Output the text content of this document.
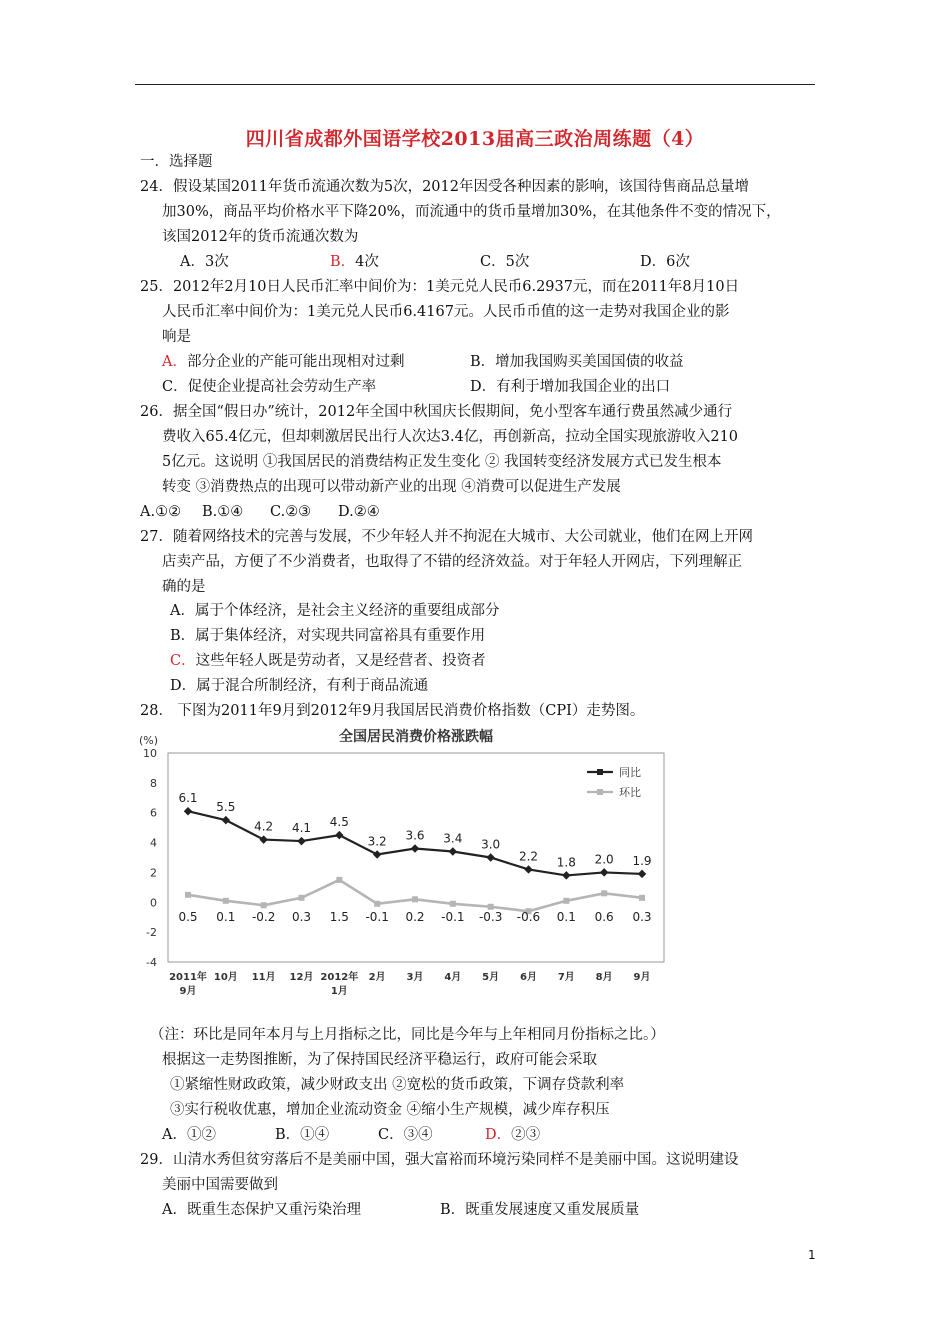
四川省成都外国语学校2013届高三政治周练题（4）
一．选择题
24．假设某国2011年货币流通次数为5次，2012年因受各种因素的影响，该国待售商品总量增
加30%，商品平均价格水平下降20%，而流通中的货币量增加30%，在其他条件不变的情况下，
该国2012年的货币流通次数为
A．3次	B．4次	C．5次	D．6次
25．2012年2月10日人民币汇率中间价为：1美元兑人民币6.2937元，而在2011年8月10日
人民币汇率中间价为：1美元兑人民币6.4167元。人民币币值的这一走势对我国企业的影
响是
A．部分企业的产能可能出现相对过剩	B．增加我国购买美国国债的收益
C．促使企业提高社会劳动生产率	D．有利于增加我国企业的出口
26．据全国“假日办”统计，2012年全国中秋国庆长假期间，免小型客车通行费虽然减少通行
费收入65.4亿元，但却刺激居民出行人次达3.4亿，再创新高，拉动全国实现旅游收入210
5亿元。这说明 ①我国居民的消费结构正发生变化 ② 我国转变经济发展方式已发生根本
转变 ③消费热点的出现可以带动新产业的出现 ④消费可以促进生产发展
A.①② B.①④ C.②③ D.②④
27．随着网络技术的完善与发展，不少年轻人并不拘泥在大城市、大公司就业，他们在网上开网
店卖产品，方便了不少消费者，也取得了不错的经济效益。对于年轻人开网店，下列理解正
确的是
A．属于个体经济，是社会主义经济的重要组成部分
B．属于集体经济，对实现共同富裕具有重要作用
C．这些年轻人既是劳动者，又是经营者、投资者
D．属于混合所制经济，有利于商品流通
28． 下图为2011年9月到2012年9月我国居民消费价格指数（CPI）走势图。
全国居民消费价格涨跌幅
(%)
10
8
6
4
2
0
-2
-4
2011年
9月
10月 11月 12月 2012年
1月
2月 3月 4月 5月 6月 7月 8月 9月
6.1
5.5
4.2 4.1 4.5
3.2 3.6 3.4 3.0
2.2 1.8 2.0 1.9
0.5 0.1 -0.2 0.3 1.5 -0.1 0.2 -0.1 -0.3 -0.6 0.1 0.6 0.3
同比
环比
（注：环比是同年本月与上月指标之比，同比是今年与上年相同月份指标之比。）
根据这一走势图推断，为了保持国民经济平稳运行，政府可能会采取
①紧缩性财政政策，减少财政支出 ②宽松的货币政策，下调存贷款利率
③实行税收优惠，增加企业流动资金 ④缩小生产规模，减少库存积压
A．①②	B．①④	C．③④	D．②③
29．山清水秀但贫穷落后不是美丽中国，强大富裕而环境污染同样不是美丽中国。这说明建设
美丽中国需要做到
A．既重生态保护又重污染治理	B．既重发展速度又重发展质量
1
